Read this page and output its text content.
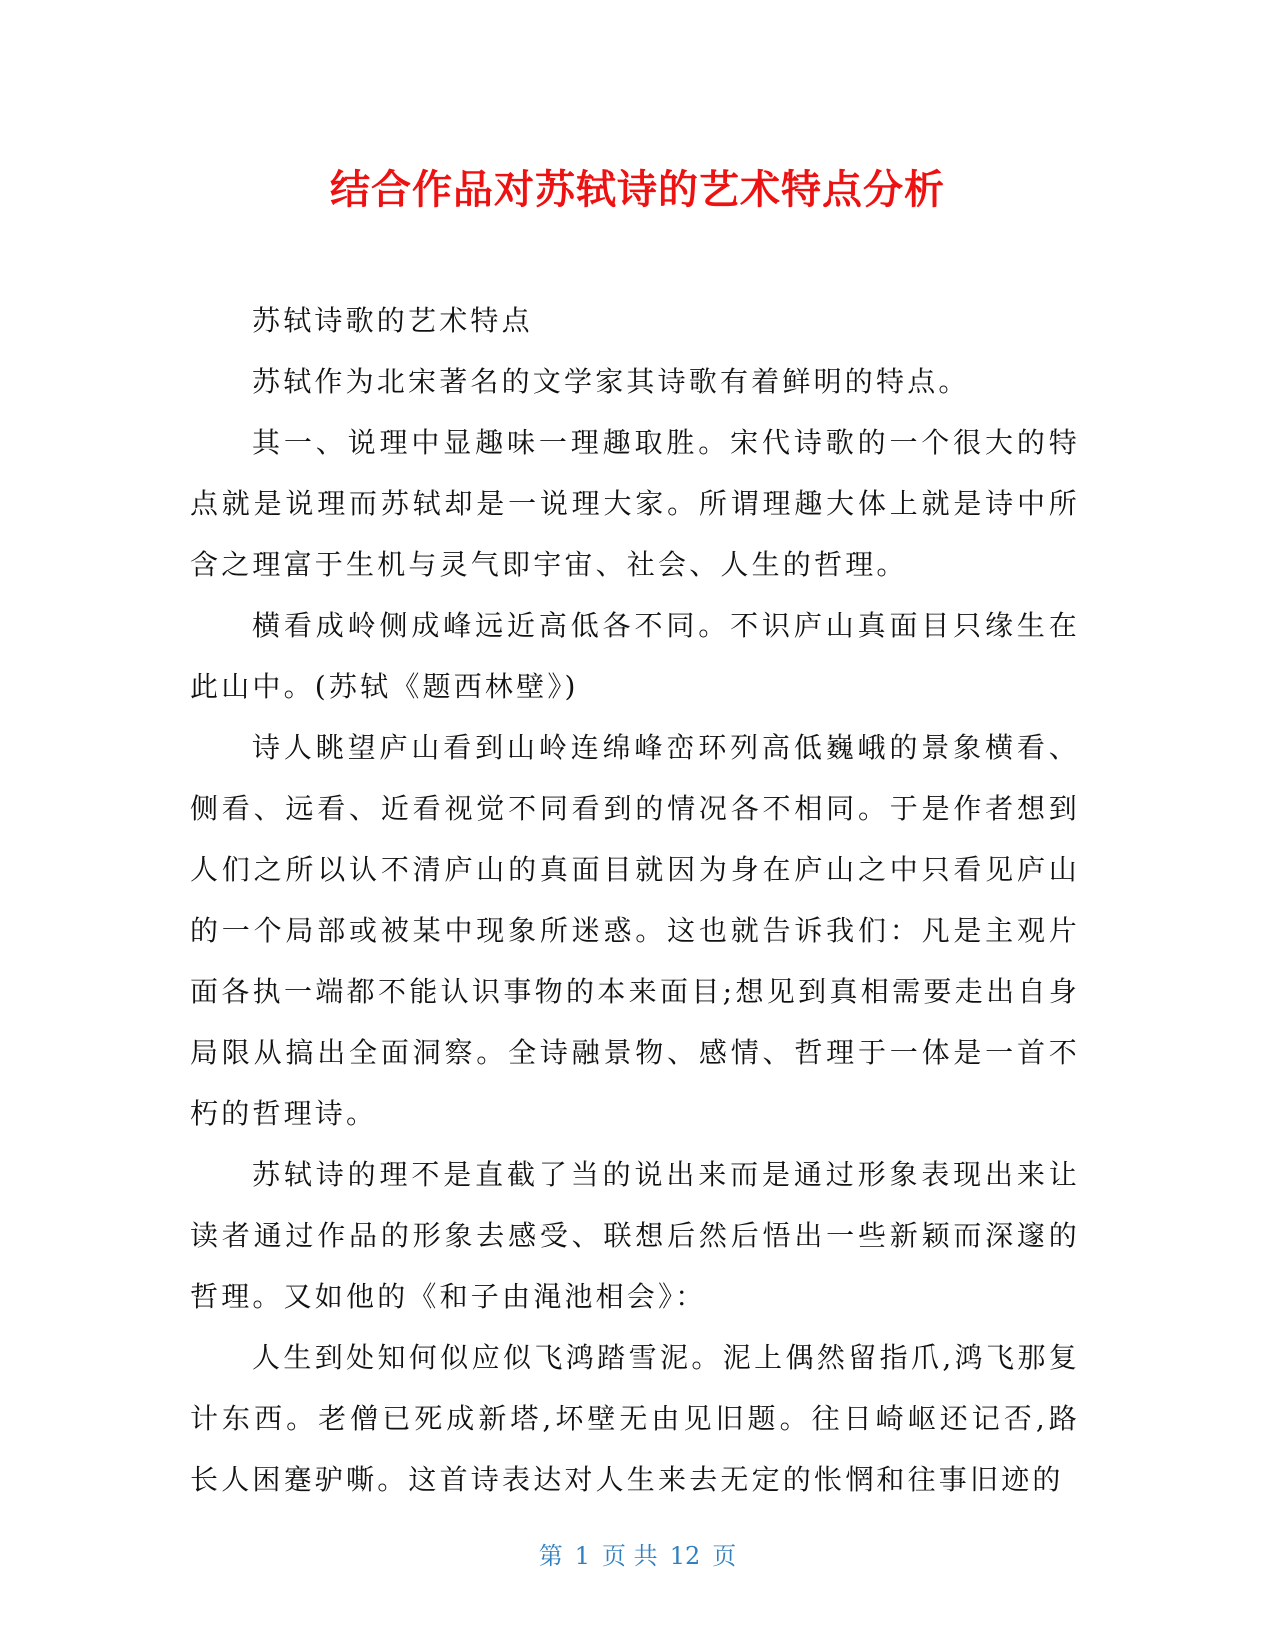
结合作品对苏轼诗的艺术特点分析

苏轼诗歌的艺术特点

苏轼作为北宋著名的文学家其诗歌有着鲜明的特点。

其一、说理中显趣味一理趣取胜。宋代诗歌的一个很大的特点就是说理而苏轼却是一说理大家。所谓理趣大体上就是诗中所含之理富于生机与灵气即宇宙、社会、人生的哲理。

横看成岭侧成峰远近高低各不同。不识庐山真面目只缘生在此山中。(苏轼《题西林壁》)

诗人眺望庐山看到山岭连绵峰峦环列高低巍峨的景象横看、侧看、远看、近看视觉不同看到的情况各不相同。于是作者想到人们之所以认不清庐山的真面目就因为身在庐山之中只看见庐山的一个局部或被某中现象所迷惑。这也就告诉我们：凡是主观片面各执一端都不能认识事物的本来面目;想见到真相需要走出自身局限从搞出全面洞察。全诗融景物、感情、哲理于一体是一首不朽的哲理诗。

苏轼诗的理不是直截了当的说出来而是通过形象表现出来让读者通过作品的形象去感受、联想后然后悟出一些新颖而深邃的哲理。又如他的《和子由渑池相会》：

人生到处知何似应似飞鸿踏雪泥。泥上偶然留指爪,鸿飞那复计东西。老僧已死成新塔,坏壁无由见旧题。往日崎岖还记否,路长人困蹇驴嘶。这首诗表达对人生来去无定的怅惘和往事旧迹的

第 1 页 共 12 页
